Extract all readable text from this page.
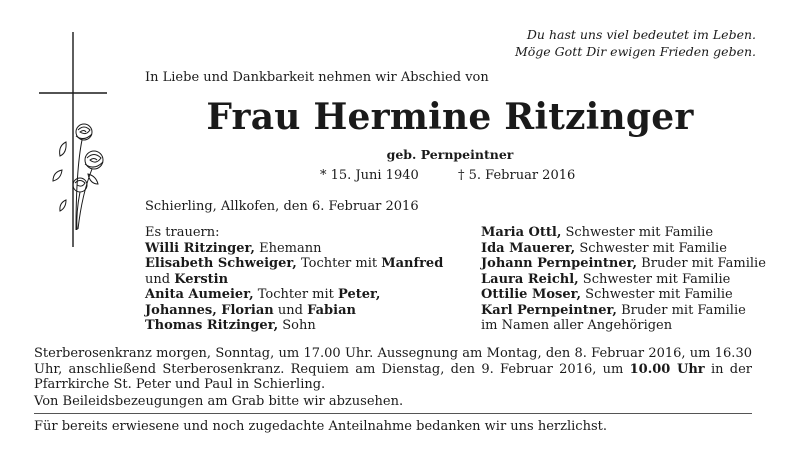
Du hast uns viel bedeutet im Leben.
Möge Gott Dir ewigen Frieden geben.
In Liebe und Dankbarkeit nehmen wir Abschied von
Frau Hermine Ritzinger
geb. Pernpeintner
* 15. Juni 1940	† 5. Februar 2016
Schierling, Allkofen, den 6. Februar 2016
Es trauern:
Willi Ritzinger, Ehemann
Elisabeth Schweiger, Tochter mit Manfred
und Kerstin
Anita Aumeier, Tochter mit Peter,
Johannes, Florian und Fabian
Thomas Ritzinger, Sohn
Maria Ottl, Schwester mit Familie
Ida Mauerer, Schwester mit Familie
Johann Pernpeintner, Bruder mit Familie
Laura Reichl, Schwester mit Familie
Ottilie Moser, Schwester mit Familie
Karl Pernpeintner, Bruder mit Familie
im Namen aller Angehörigen
Sterberosenkranz morgen, Sonntag, um 17.00 Uhr. Aussegnung am Montag, den 8. Februar 2016, um 16.30 Uhr, anschließend Sterberosenkranz. Requiem am Dienstag, den 9. Februar 2016, um 10.00 Uhr in der Pfarrkirche St. Peter und Paul in Schierling.
Von Beileidsbezeugungen am Grab bitte wir abzusehen.
Für bereits erwiesene und noch zugedachte Anteilnahme bedanken wir uns herzlichst.
